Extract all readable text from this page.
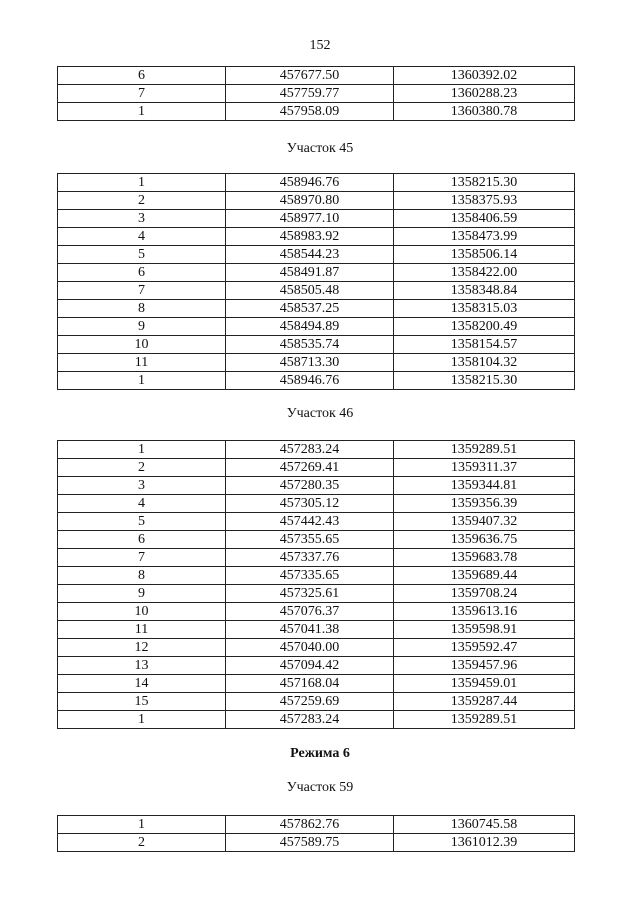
152
6	457677.50	1360392.02
7	457759.77	1360288.23
1	457958.09	1360380.78
Участок 45
1	458946.76	1358215.30
2	458970.80	1358375.93
3	458977.10	1358406.59
4	458983.92	1358473.99
5	458544.23	1358506.14
6	458491.87	1358422.00
7	458505.48	1358348.84
8	458537.25	1358315.03
9	458494.89	1358200.49
10	458535.74	1358154.57
11	458713.30	1358104.32
1	458946.76	1358215.30
Участок 46
1	457283.24	1359289.51
2	457269.41	1359311.37
3	457280.35	1359344.81
4	457305.12	1359356.39
5	457442.43	1359407.32
6	457355.65	1359636.75
7	457337.76	1359683.78
8	457335.65	1359689.44
9	457325.61	1359708.24
10	457076.37	1359613.16
11	457041.38	1359598.91
12	457040.00	1359592.47
13	457094.42	1359457.96
14	457168.04	1359459.01
15	457259.69	1359287.44
1	457283.24	1359289.51
Режима 6
Участок 59
1	457862.76	1360745.58
2	457589.75	1361012.39
